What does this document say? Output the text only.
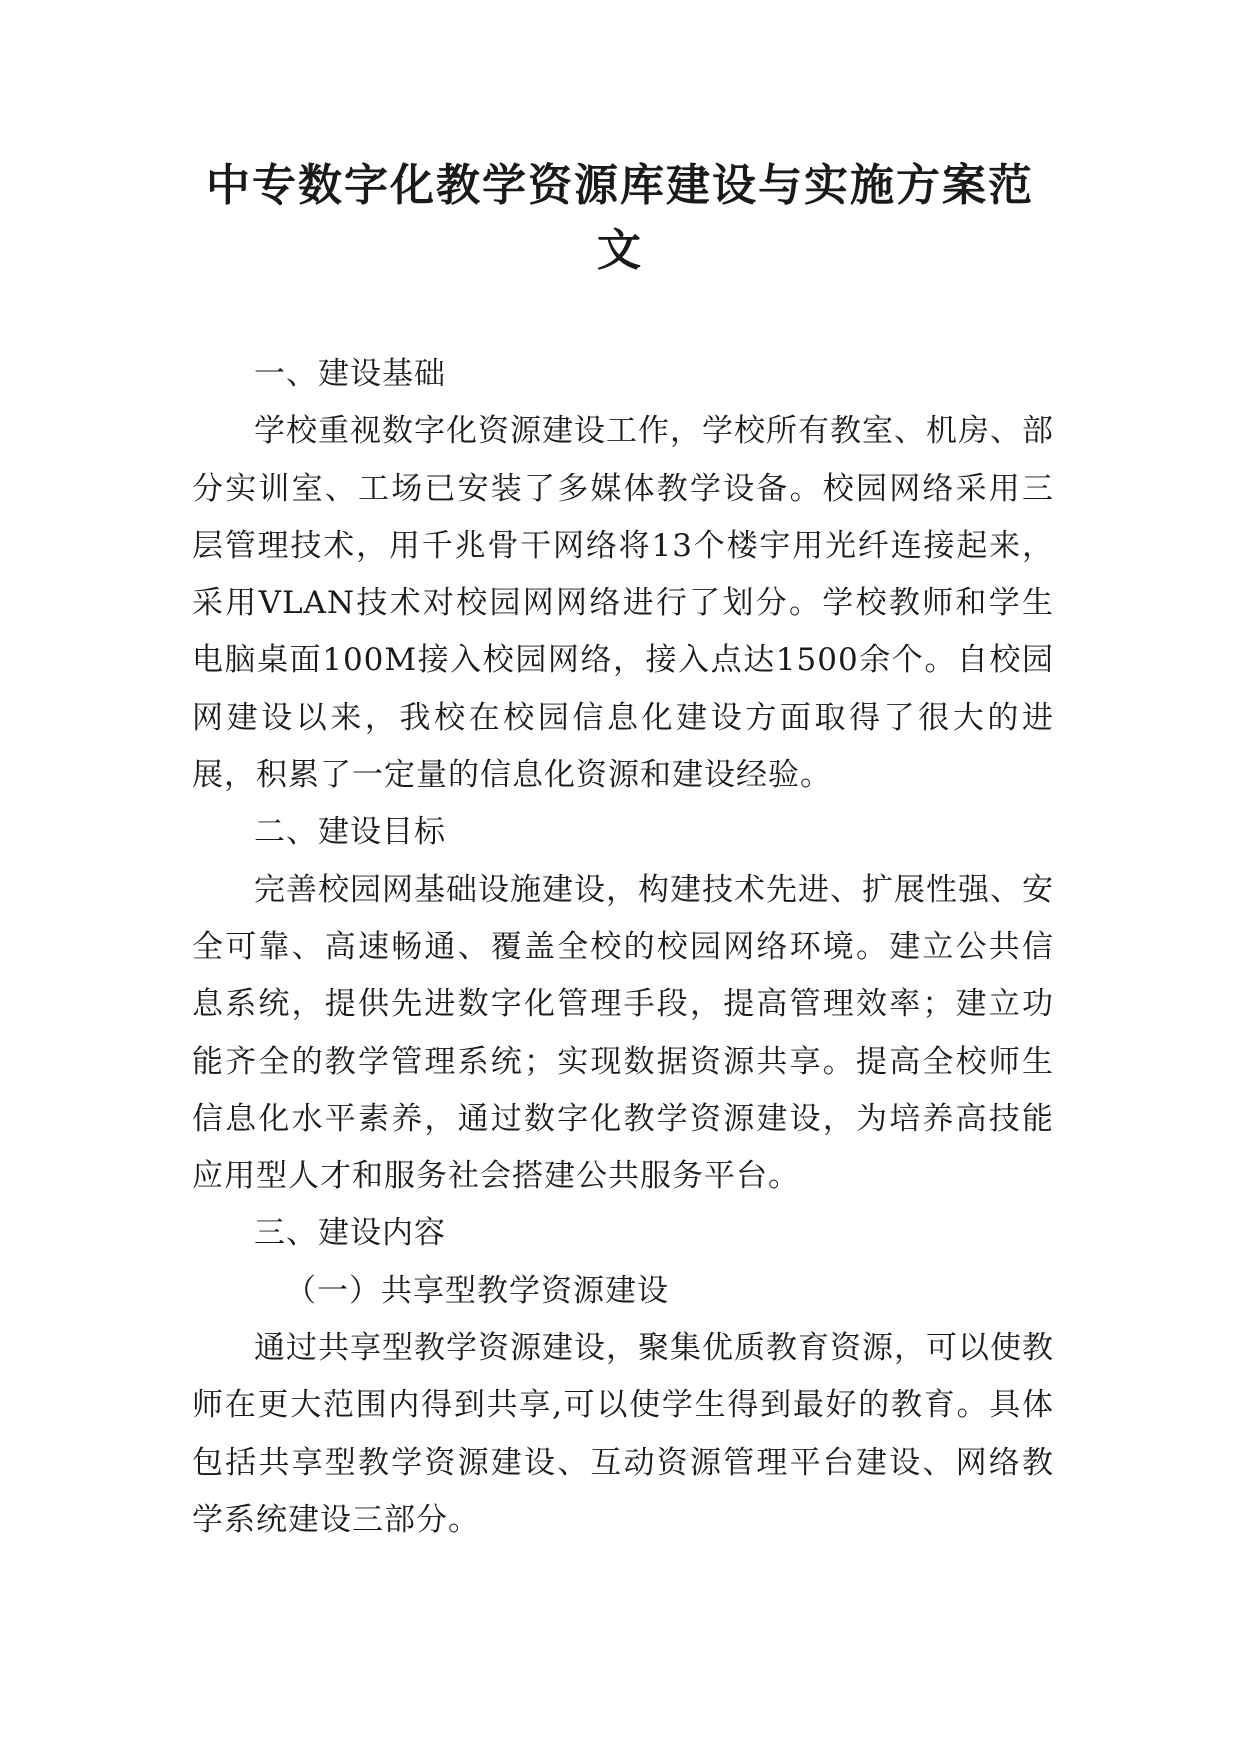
中专数字化教学资源库建设与实施方案范
文

一、建设基础

学校重视数字化资源建设工作，学校所有教室、机房、部分实训室、工场已安装了多媒体教学设备。校园网络采用三层管理技术，用千兆骨干网络将13个楼宇用光纤连接起来，采用VLAN技术对校园网网络进行了划分。学校教师和学生电脑桌面100M接入校园网络，接入点达1500余个。自校园网建设以来，我校在校园信息化建设方面取得了很大的进展，积累了一定量的信息化资源和建设经验。

二、建设目标

完善校园网基础设施建设，构建技术先进、扩展性强、安全可靠、高速畅通、覆盖全校的校园网络环境。建立公共信息系统，提供先进数字化管理手段，提高管理效率；建立功能齐全的教学管理系统；实现数据资源共享。提高全校师生信息化水平素养，通过数字化教学资源建设，为培养高技能应用型人才和服务社会搭建公共服务平台。

三、建设内容

（一）共享型教学资源建设

通过共享型教学资源建设，聚集优质教育资源，可以使教师在更大范围内得到共享,可以使学生得到最好的教育。具体包括共享型教学资源建设、互动资源管理平台建设、网络教学系统建设三部分。
